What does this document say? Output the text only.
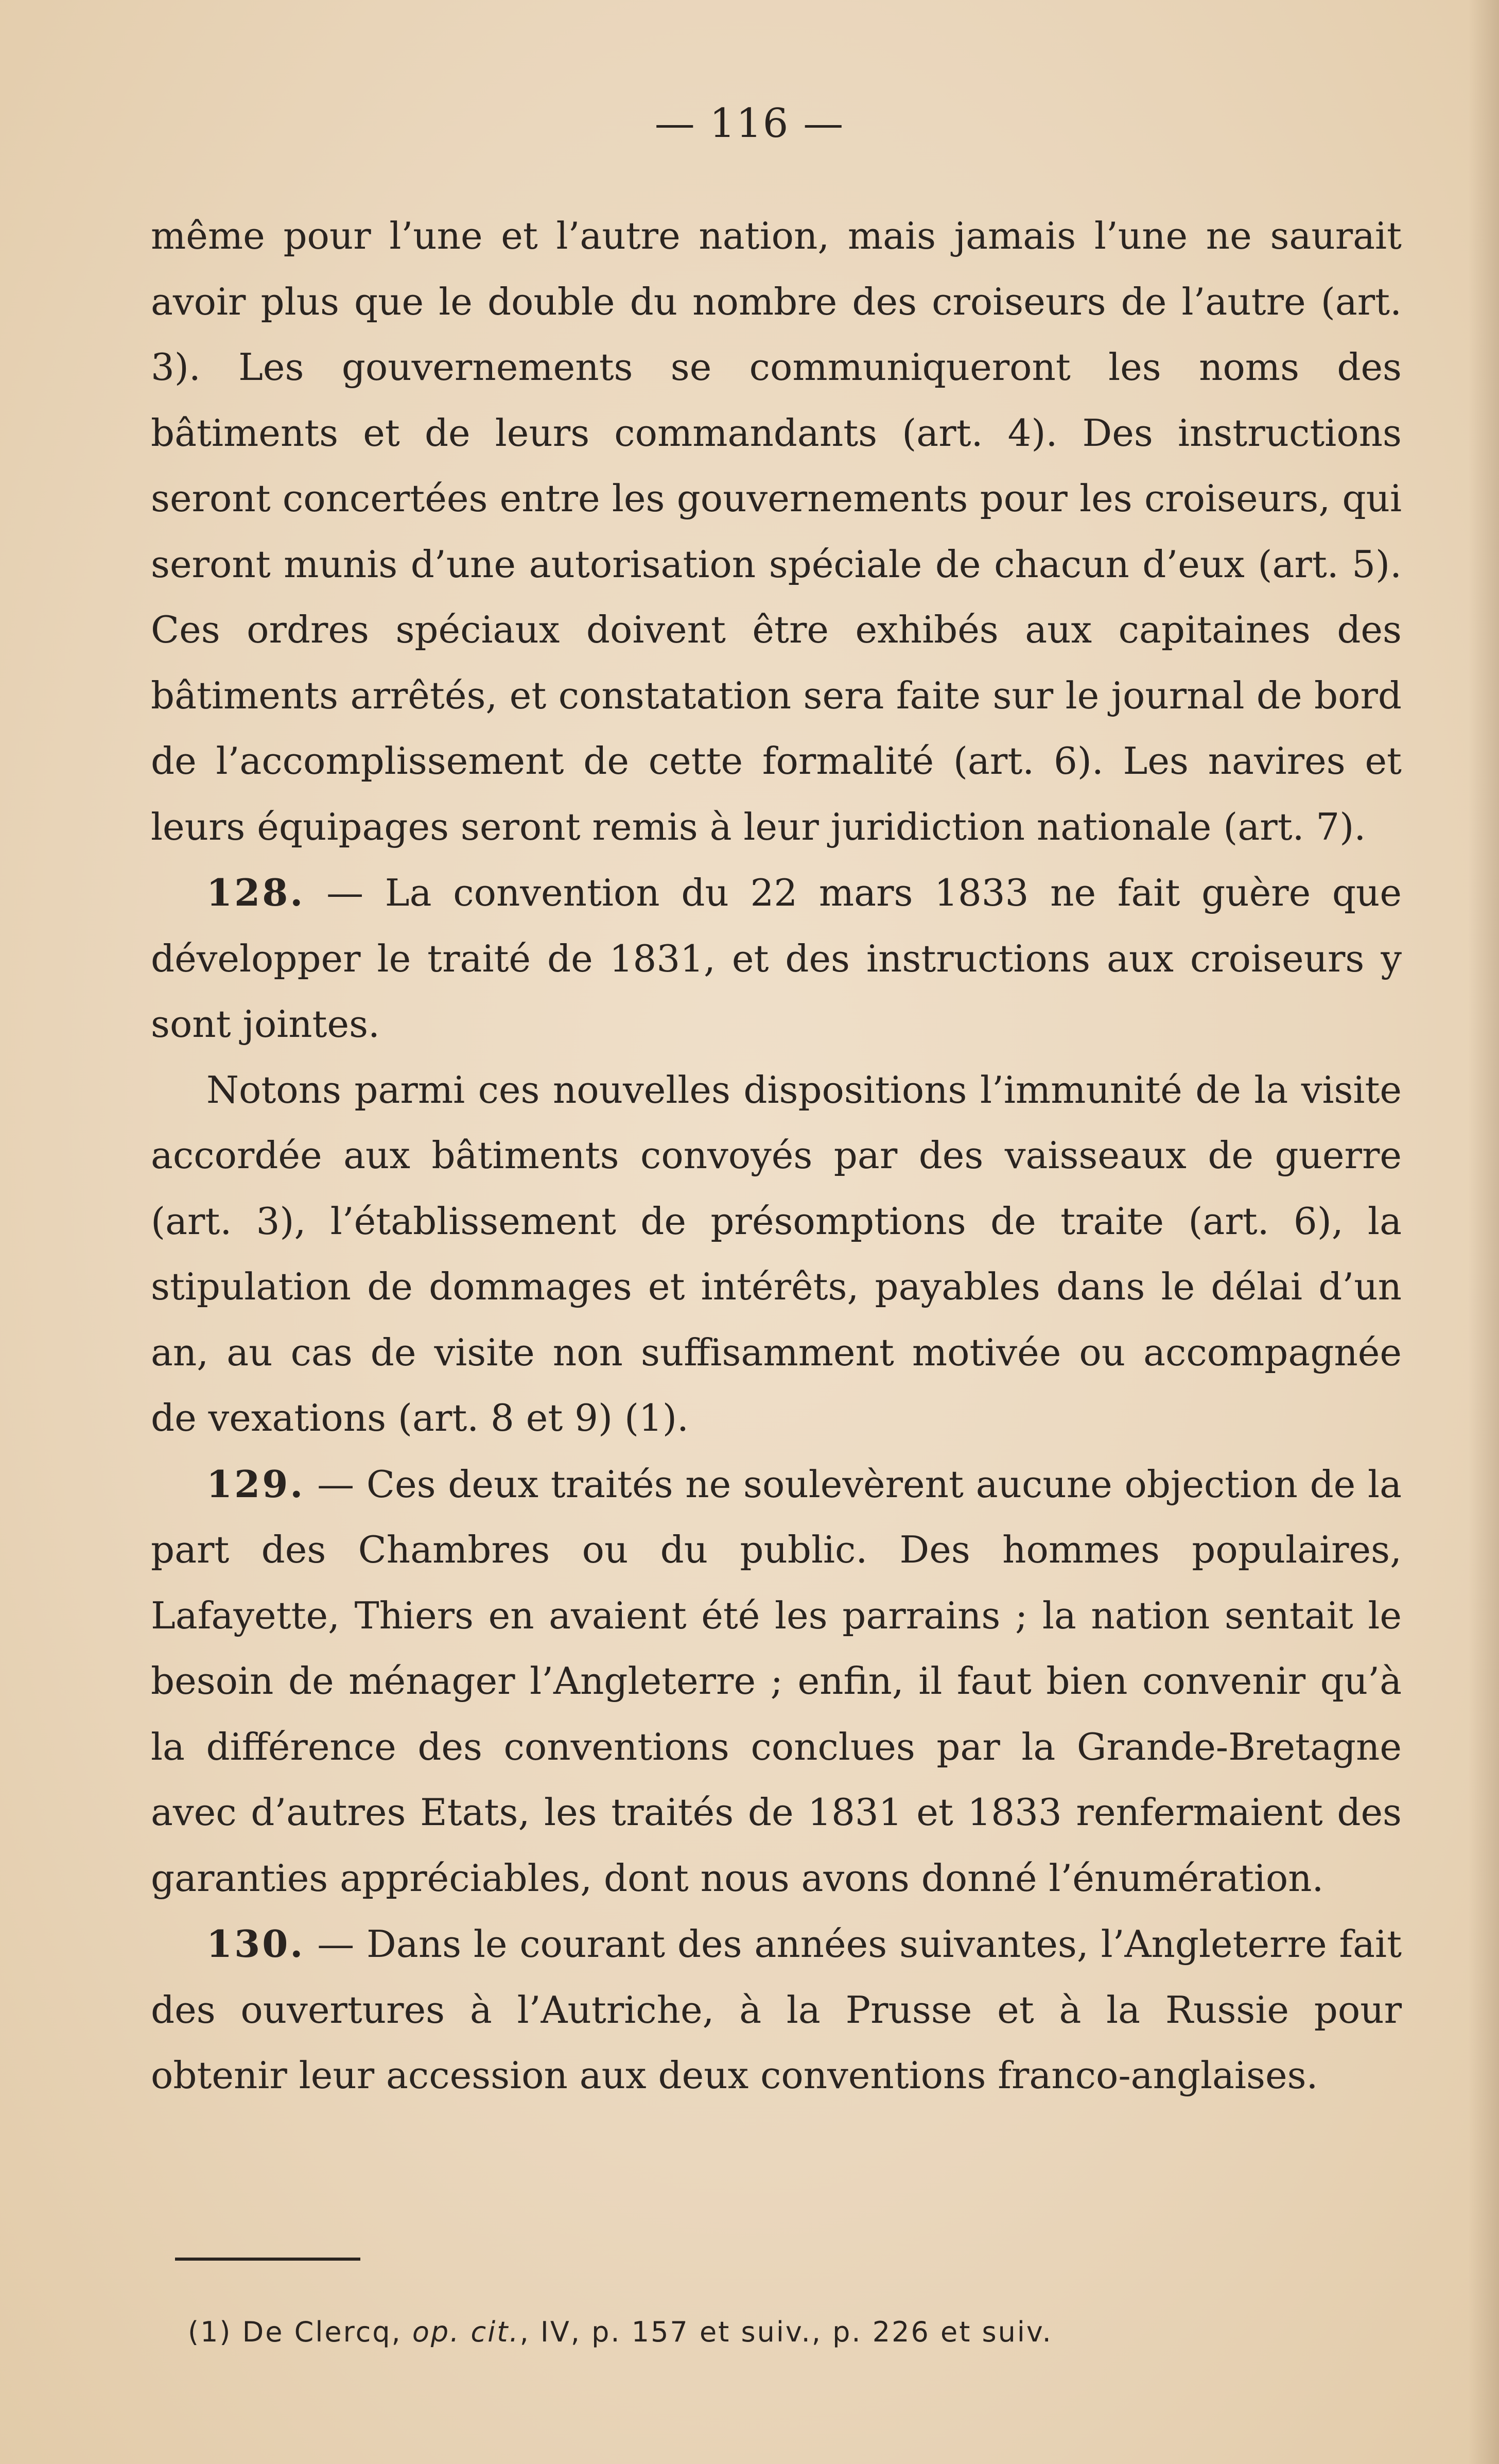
— 116 —

même pour l’une et l’autre nation, mais jamais l’une ne saurait avoir plus que le double du nombre des croiseurs de l’autre (art. 3). Les gouvernements se communiqueront les noms des bâtiments et de leurs commandants (art. 4). Des instructions seront concertées entre les gouvernements pour les croiseurs, qui seront munis d’une autorisation spéciale de chacun d’eux (art. 5). Ces ordres spéciaux doivent être exhibés aux capitaines des bâtiments arrêtés, et constatation sera faite sur le journal de bord de l’accomplissement de cette formalité (art. 6). Les navires et leurs équipages seront remis à leur juridiction nationale (art. 7).

128. — La convention du 22 mars 1833 ne fait guère que développer le traité de 1831, et des instructions aux croiseurs y sont jointes.

Notons parmi ces nouvelles dispositions l’immunité de la visite accordée aux bâtiments convoyés par des vaisseaux de guerre (art. 3), l’établissement de présomptions de traite (art. 6), la stipulation de dommages et intérêts, payables dans le délai d’un an, au cas de visite non suffisamment motivée ou accompagnée de vexations (art. 8 et 9) (1).

129. — Ces deux traités ne soulevèrent aucune objection de la part des Chambres ou du public. Des hommes populaires, Lafayette, Thiers en avaient été les parrains ; la nation sentait le besoin de ménager l’Angleterre ; enfin, il faut bien convenir qu’à la différence des conventions conclues par la Grande-Bretagne avec d’autres Etats, les traités de 1831 et 1833 renfermaient des garanties appréciables, dont nous avons donné l’énumération.

130. — Dans le courant des années suivantes, l’Angleterre fait des ouvertures à l’Autriche, à la Prusse et à la Russie pour obtenir leur accession aux deux conventions franco-anglaises.

(1) De Clercq, op. cit., IV, p. 157 et suiv., p. 226 et suiv.
